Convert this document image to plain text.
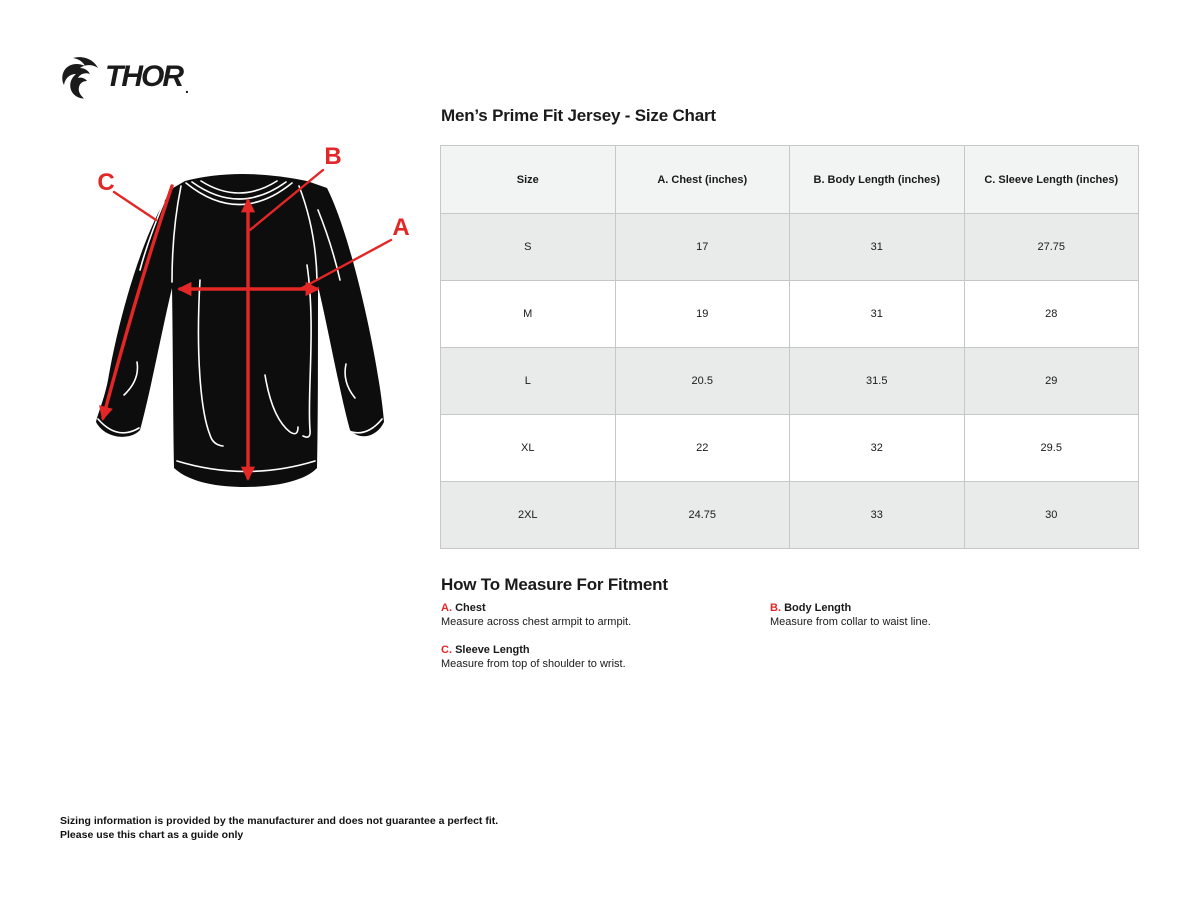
THOR .
C
B
A
Men’s Prime Fit Jersey - Size Chart
Size	A. Chest (inches)	B. Body Length (inches)	C. Sleeve Length (inches)
S	17	31	27.75
M	19	31	28
L	20.5	31.5	29
XL	22	32	29.5
2XL	24.75	33	30
How To Measure For Fitment
A. Chest
Measure across chest armpit to armpit.
B. Body Length
Measure from collar to waist line.
C. Sleeve Length
Measure from top of shoulder to wrist.
Sizing information is provided by the manufacturer and does not guarantee a perfect fit.
Please use this chart as a guide only
